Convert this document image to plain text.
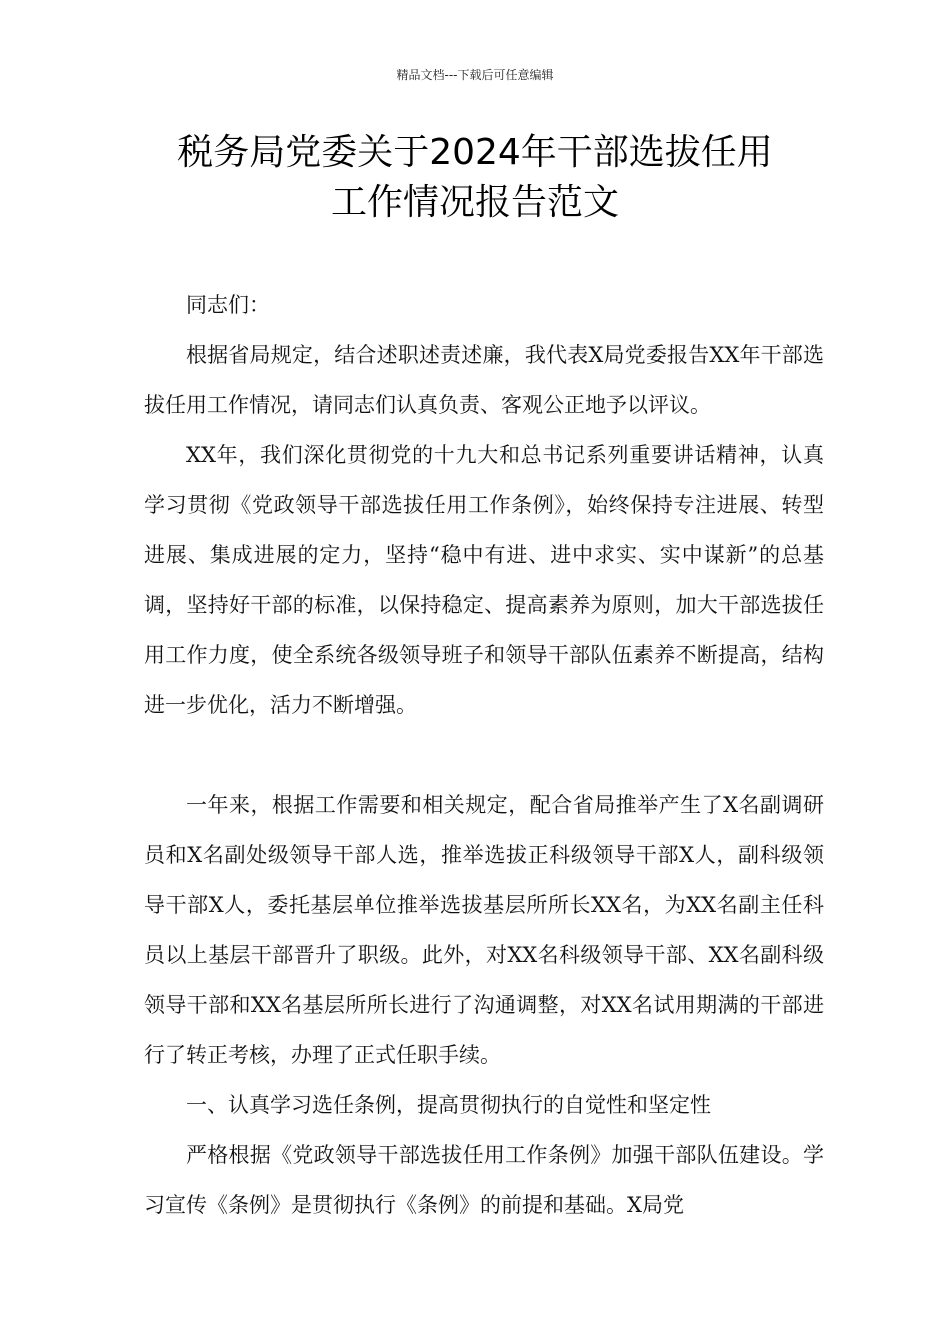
精品文档---下载后可任意编辑
税务局党委关于2024年干部选拔任用
工作情况报告范文

同志们：

根据省局规定，结合述职述责述廉，我代表X局党委报告XX年干部选拔任用工作情况，请同志们认真负责、客观公正地予以评议。

XX年，我们深化贯彻党的十九大和总书记系列重要讲话精神，认真学习贯彻《党政领导干部选拔任用工作条例》，始终保持专注进展、转型进展、集成进展的定力，坚持“稳中有进、进中求实、实中谋新”的总基调，坚持好干部的标准，以保持稳定、提高素养为原则，加大干部选拔任用工作力度，使全系统各级领导班子和领导干部队伍素养不断提高，结构进一步优化，活力不断增强。

一年来，根据工作需要和相关规定，配合省局推举产生了X名副调研员和X名副处级领导干部人选，推举选拔正科级领导干部X人，副科级领导干部X人，委托基层单位推举选拔基层所所长XX名，为XX名副主任科员以上基层干部晋升了职级。此外，对XX名科级领导干部、XX名副科级领导干部和XX名基层所所长进行了沟通调整，对XX名试用期满的干部进行了转正考核，办理了正式任职手续。

一、认真学习选任条例，提高贯彻执行的自觉性和坚定性

严格根据《党政领导干部选拔任用工作条例》加强干部队伍建设。学习宣传《条例》是贯彻执行《条例》的前提和基础。X局党
